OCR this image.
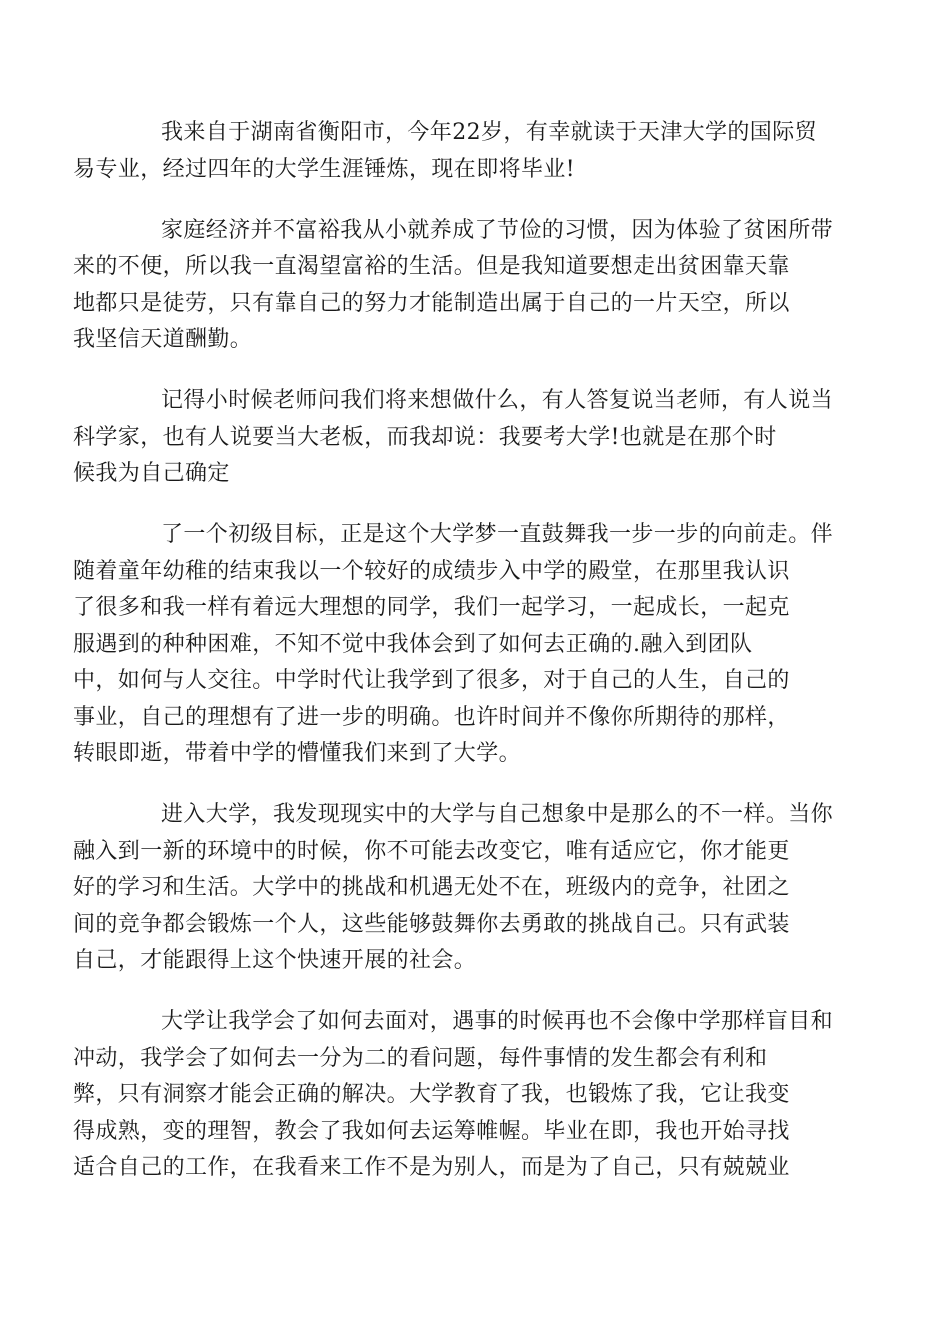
我来自于湖南省衡阳市，今年22岁，有幸就读于天津大学的国际贸
易专业，经过四年的大学生涯锤炼，现在即将毕业!

家庭经济并不富裕我从小就养成了节俭的习惯，因为体验了贫困所带
来的不便，所以我一直渴望富裕的生活。但是我知道要想走出贫困靠天靠
地都只是徒劳，只有靠自己的努力才能制造出属于自己的一片天空，所以
我坚信天道酬勤。

记得小时候老师问我们将来想做什么，有人答复说当老师，有人说当
科学家，也有人说要当大老板，而我却说：我要考大学!也就是在那个时
候我为自己确定

了一个初级目标，正是这个大学梦一直鼓舞我一步一步的向前走。伴
随着童年幼稚的结束我以一个较好的成绩步入中学的殿堂，在那里我认识
了很多和我一样有着远大理想的同学，我们一起学习，一起成长，一起克
服遇到的种种困难，不知不觉中我体会到了如何去正确的.融入到团队
中，如何与人交往。中学时代让我学到了很多，对于自己的人生，自己的
事业，自己的理想有了进一步的明确。也许时间并不像你所期待的那样，
转眼即逝，带着中学的懵懂我们来到了大学。

进入大学，我发现现实中的大学与自己想象中是那么的不一样。当你
融入到一新的环境中的时候，你不可能去改变它，唯有适应它，你才能更
好的学习和生活。大学中的挑战和机遇无处不在，班级内的竞争，社团之
间的竞争都会锻炼一个人，这些能够鼓舞你去勇敢的挑战自己。只有武装
自己，才能跟得上这个快速开展的社会。

大学让我学会了如何去面对，遇事的时候再也不会像中学那样盲目和
冲动，我学会了如何去一分为二的看问题，每件事情的发生都会有利和
弊，只有洞察才能会正确的解决。大学教育了我，也锻炼了我，它让我变
得成熟，变的理智，教会了我如何去运筹帷幄。毕业在即，我也开始寻找
适合自己的工作，在我看来工作不是为别人，而是为了自己，只有兢兢业
